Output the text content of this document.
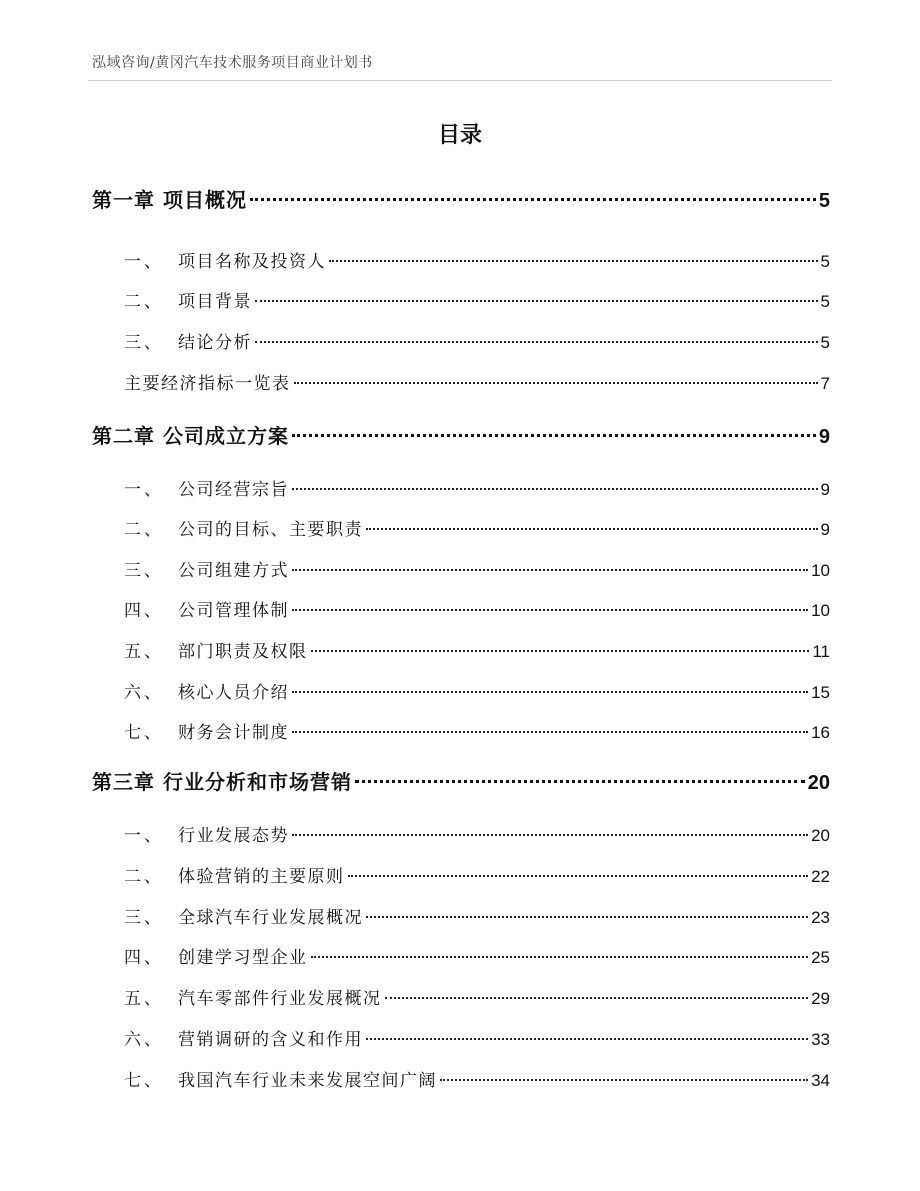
泓域咨询/黄冈汽车技术服务项目商业计划书
目录
第一章 项目概况	5
一、 项目名称及投资人	5
二、 项目背景	5
三、 结论分析	5
主要经济指标一览表	7
第二章 公司成立方案	9
一、 公司经营宗旨	9
二、 公司的目标、主要职责	9
三、 公司组建方式	10
四、 公司管理体制	10
五、 部门职责及权限	11
六、 核心人员介绍	15
七、 财务会计制度	16
第三章 行业分析和市场营销	20
一、 行业发展态势	20
二、 体验营销的主要原则	22
三、 全球汽车行业发展概况	23
四、 创建学习型企业	25
五、 汽车零部件行业发展概况	29
六、 营销调研的含义和作用	33
七、 我国汽车行业未来发展空间广阔	34
